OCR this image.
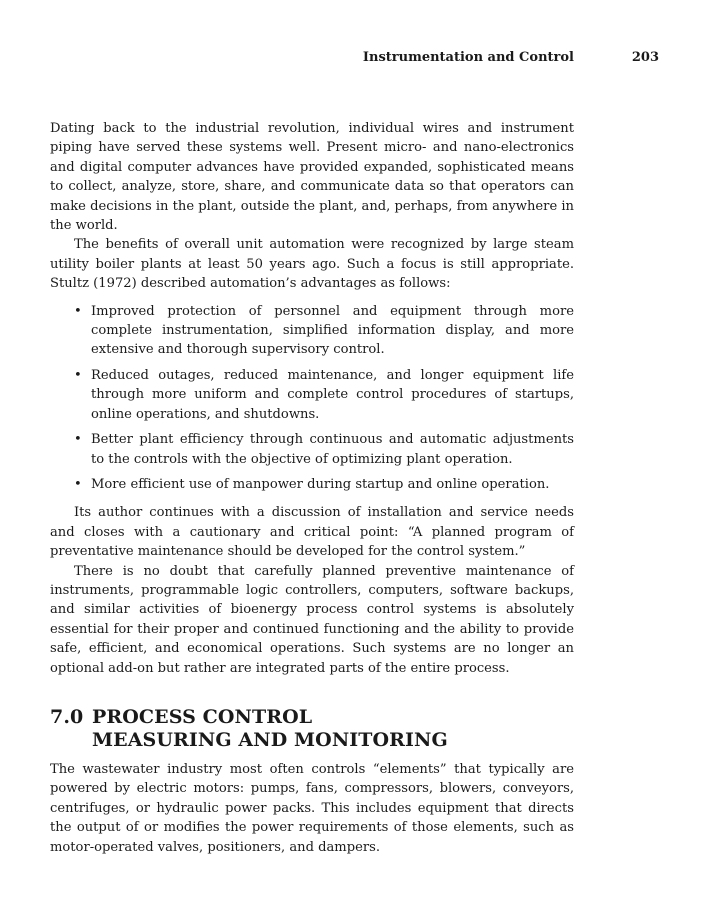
Instrumentation and Control	203

Dating back to the industrial revolution, individual wires and instrument piping have served these systems well. Present micro- and nano-electronics and digital computer advances have provided expanded, sophisticated means to collect, analyze, store, share, and communicate data so that operators can make decisions in the plant, outside the plant, and, perhaps, from anywhere in the world.

The benefits of overall unit automation were recognized by large steam utility boiler plants at least 50 years ago. Such a focus is still appropriate. Stultz (1972) described automation’s advantages as follows:

• Improved protection of personnel and equipment through more complete instrumentation, simplified information display, and more extensive and thorough supervisory control.
• Reduced outages, reduced maintenance, and longer equipment life through more uniform and complete control procedures of startups, online operations, and shutdowns.
• Better plant efficiency through continuous and automatic adjustments to the controls with the objective of optimizing plant operation.
• More efficient use of manpower during startup and online operation.

Its author continues with a discussion of installation and service needs and closes with a cautionary and critical point: “A planned program of preventative maintenance should be developed for the control system.”

There is no doubt that carefully planned preventive maintenance of instruments, programmable logic controllers, computers, software backups, and similar activities of bioenergy process control systems is absolutely essential for their proper and continued functioning and the ability to provide safe, efficient, and economical operations. Such systems are no longer an optional add-on but rather are integrated parts of the entire process.

7.0 PROCESS CONTROL MEASURING AND MONITORING

The wastewater industry most often controls “elements” that typically are powered by electric motors: pumps, fans, compressors, blowers, conveyors, centrifuges, or hydraulic power packs. This includes equipment that directs the output of or modifies the power requirements of those elements, such as motor-operated valves, positioners, and dampers.
